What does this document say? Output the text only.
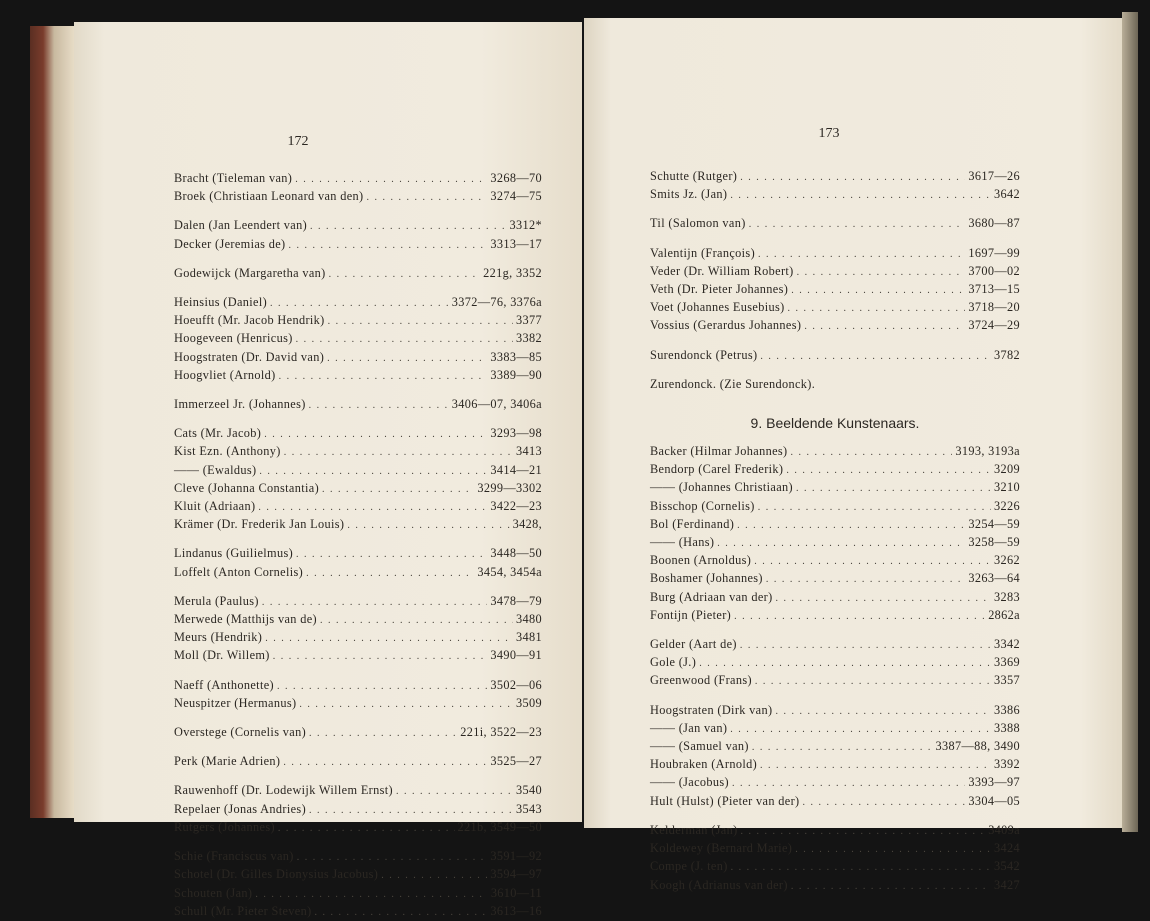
172
Bracht (Tieleman van) . . .	3268—70
Broek (Christiaan Leonard van den) . . .	3274—75
Dalen (Jan Leendert van) . . .	3312*
Decker (Jeremias de) . . .	3313—17
Godewijck (Margaretha van) . . .	221g, 3352
Heinsius (Daniel) . . .	3372—76, 3376a
Hoeufft (Mr. Jacob Hendrik) . . .	3377
Hoogeveen (Henricus) . . .	3382
Hoogstraten (Dr. David van) . . .	3383—85
Hoogvliet (Arnold) . . .	3389—90
Immerzeel Jr. (Johannes) . . .	3406—07, 3406a
Cats (Mr. Jacob) . . .	3293—98
Kist Ezn. (Anthony) . . .	3413
—— (Ewaldus) . . .	3414—21
Cleve (Johanna Constantia) . . .	3299—3302
Kluit (Adriaan) . . .	3422—23
Krämer (Dr. Frederik Jan Louis) . . .	3428,
Lindanus (Guilielmus) . . .	3448—50
Loffelt (Anton Cornelis) . . .	3454, 3454a
Merula (Paulus) . . .	3478—79
Merwede (Matthijs van de) . . .	3480
Meurs (Hendrik) . . .	3481
Moll (Dr. Willem) . . .	3490—91
Naeff (Anthonette) . . .	3502—06
Neuspitzer (Hermanus) . . .	3509
Overstege (Cornelis van) . . .	221i, 3522—23
Perk (Marie Adrien) . . .	3525—27
Rauwenhoff (Dr. Lodewijk Willem Ernst) . . .	3540
Repelaer (Jonas Andries) . . .	3543
Rutgers (Johannes) . . .	221b, 3549—50
Schie (Franciscus van) . . .	3591—92
Schotel (Dr. Gilles Dionysius Jacobus) . . .	3594—97
Schouten (Jan) . . .	3610—11
Schull (Mr. Pieter Steven) . . .	3613—16
173
Schutte (Rutger) . . .	3617—26
Smits Jz. (Jan) . . .	3642
Til (Salomon van) . . .	3680—87
Valentijn (François) . . .	1697—99
Veder (Dr. William Robert) . . .	3700—02
Veth (Dr. Pieter Johannes) . . .	3713—15
Voet (Johannes Eusebius) . . .	3718—20
Vossius (Gerardus Johannes) . . .	3724—29
Surendonck (Petrus) . . .	3782
Zurendonck. (Zie Surendonck).
9. Beeldende Kunstenaars.
Backer (Hilmar Johannes) . . .	3193, 3193a
Bendorp (Carel Frederik) . . .	3209
—— (Johannes Christiaan) . . .	3210
Bisschop (Cornelis) . . .	3226
Bol (Ferdinand) . . .	3254—59
—— (Hans) . . .	3258—59
Boonen (Arnoldus) . . .	3262
Boshamer (Johannes) . . .	3263—64
Burg (Adriaan van der) . . .	3283
Fontijn (Pieter) . . .	2862a
Gelder (Aart de) . . .	3342
Gole (J.) . . .	3369
Greenwood (Frans) . . .	3357
Hoogstraten (Dirk van) . . .	3386
—— (Jan van) . . .	3388
—— (Samuel van) . . .	3387—88, 3490
Houbraken (Arnold) . . .	3392
—— (Jacobus) . . .	3393—97
Hult (Hulst) (Pieter van der) . . .	3304—05
Kelderman (Jan) . . .	3409a
Koldewey (Bernard Marie) . . .	3424
Compe (J. ten) . . .	3542
Koogh (Adrianus van der) . . .	3427
